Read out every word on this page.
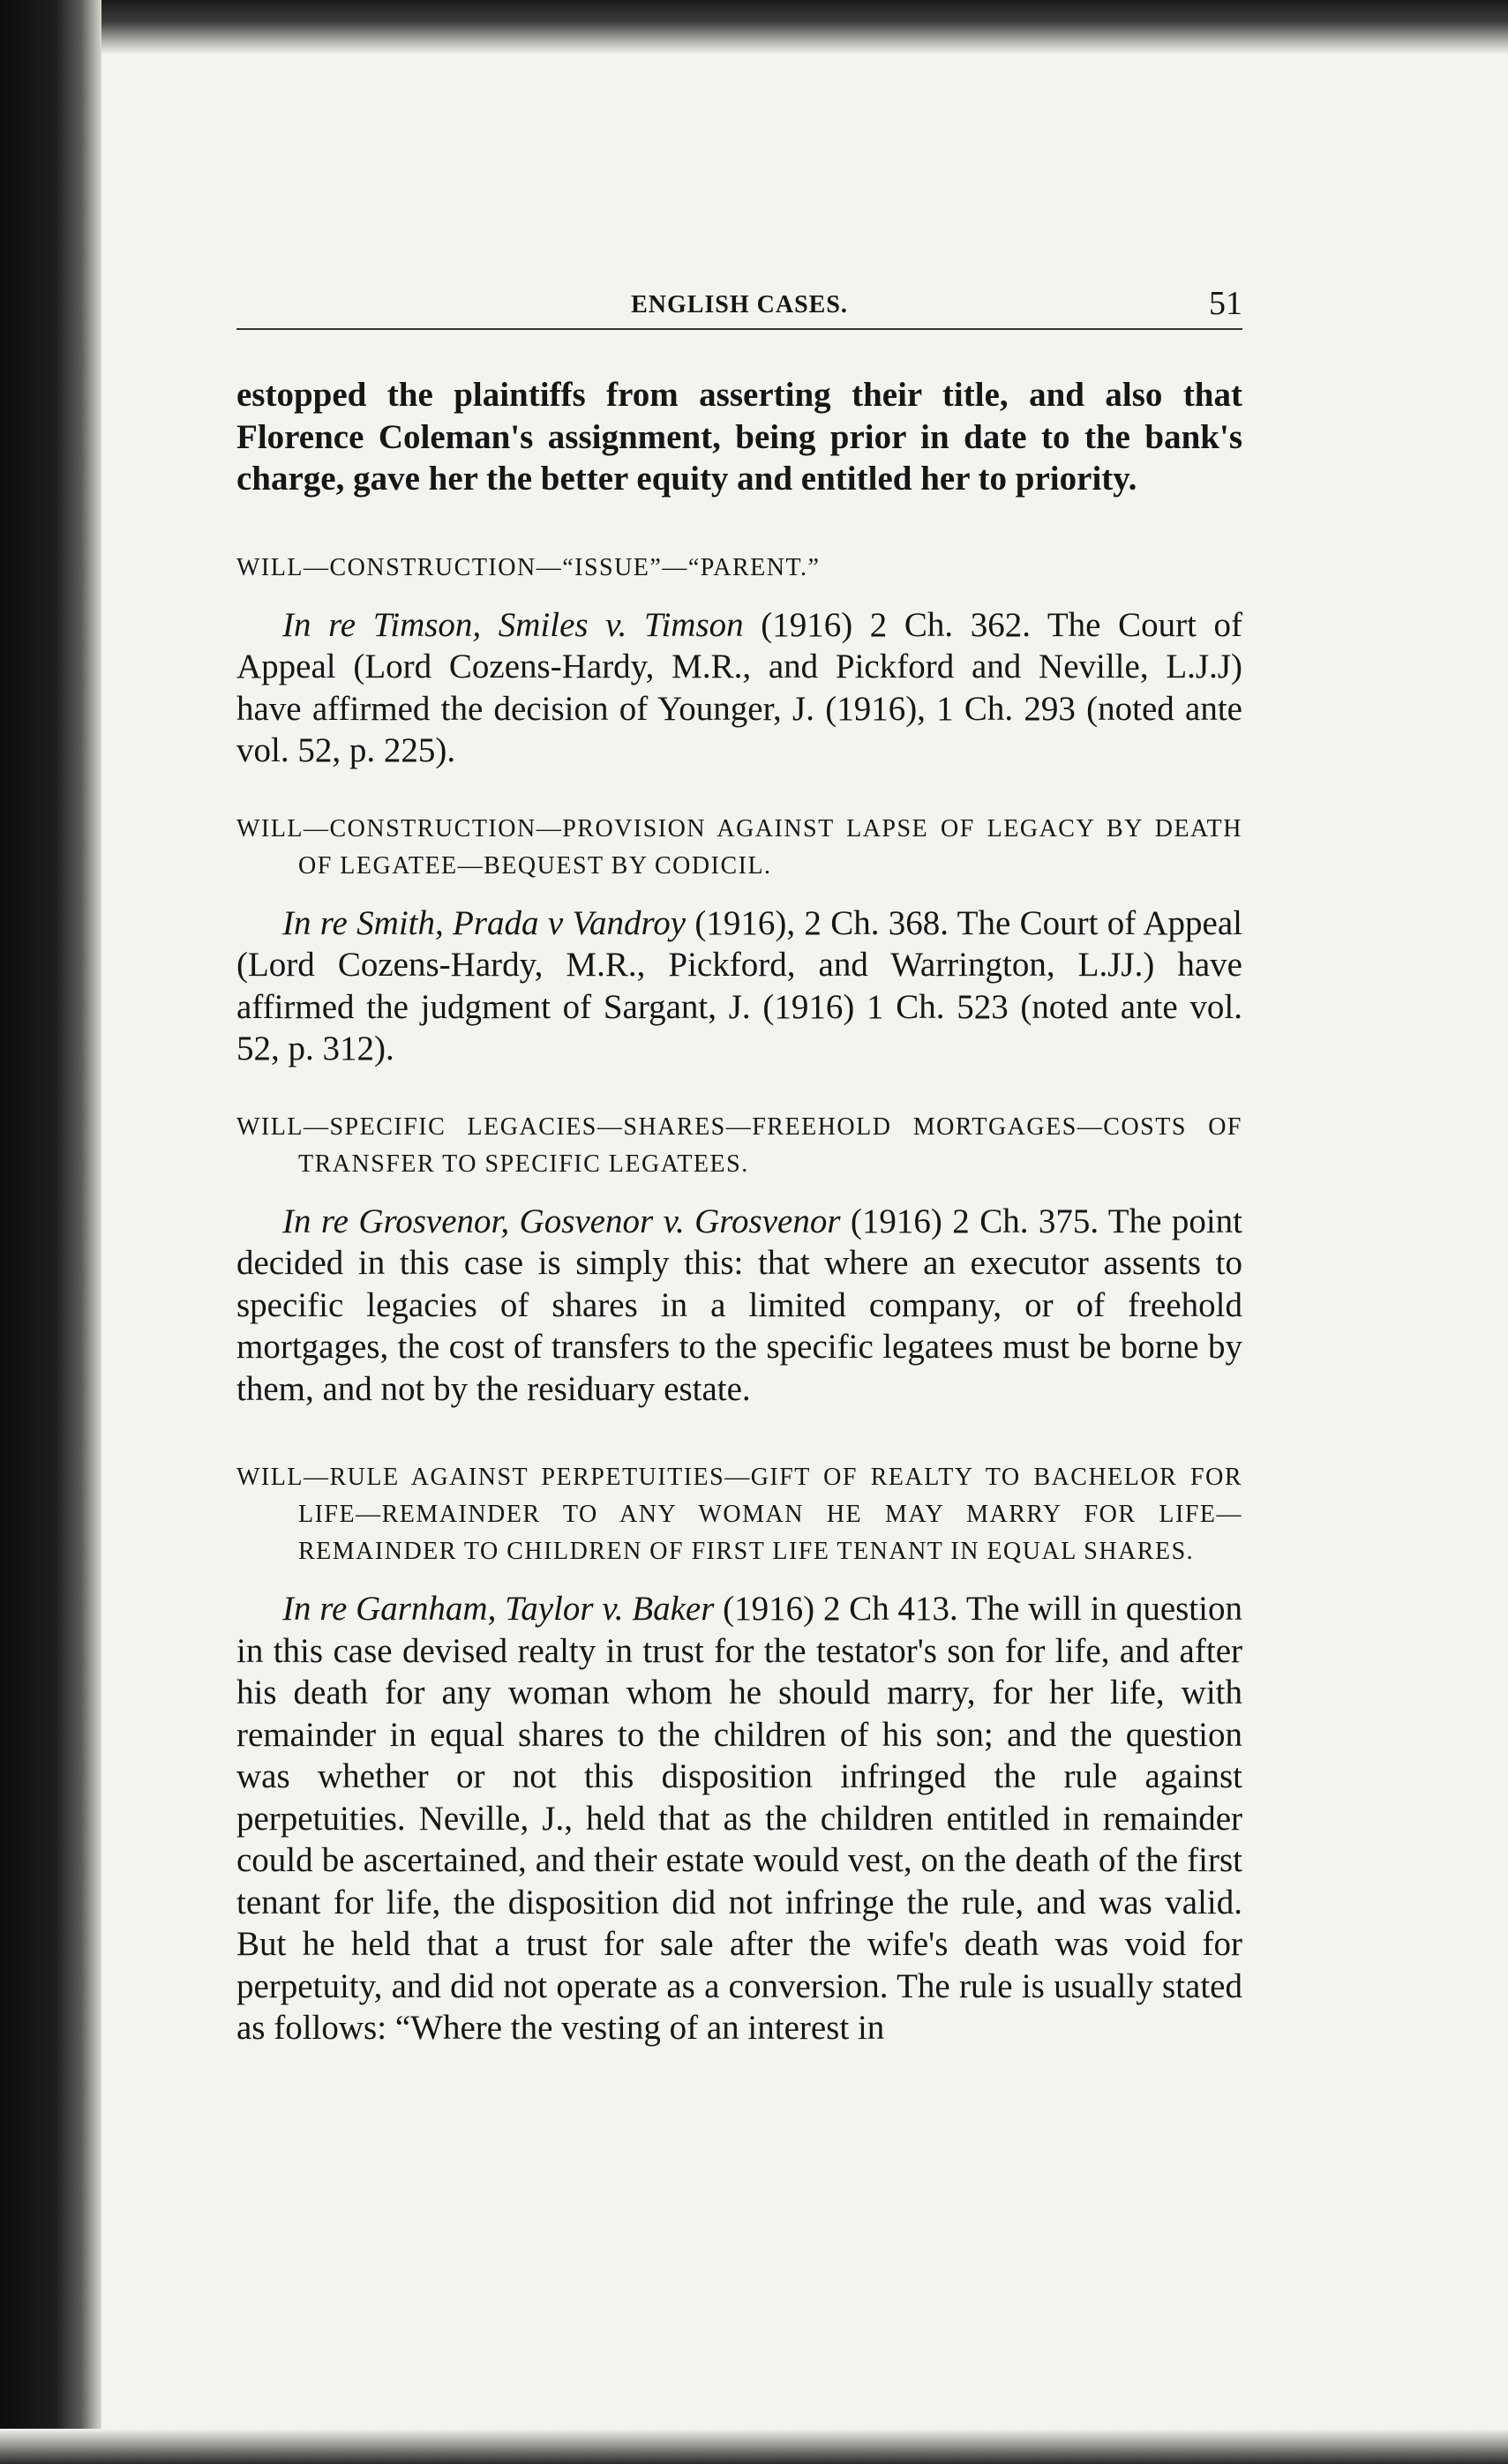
ENGLISH CASES.	51

estopped the plaintiffs from asserting their title, and also that Florence Coleman's assignment, being prior in date to the bank's charge, gave her the better equity and entitled her to priority.

WILL—CONSTRUCTION—“ISSUE”—“PARENT.”

In re Timson, Smiles v. Timson (1916) 2 Ch. 362. The Court of Appeal (Lord Cozens-Hardy, M.R., and Pickford and Neville, L.J.J) have affirmed the decision of Younger, J. (1916), 1 Ch. 293 (noted ante vol. 52, p. 225).

WILL—CONSTRUCTION—PROVISION AGAINST LAPSE OF LEGACY BY DEATH OF LEGATEE—BEQUEST BY CODICIL.

In re Smith, Prada v Vandroy (1916), 2 Ch. 368. The Court of Appeal (Lord Cozens-Hardy, M.R., Pickford, and Warrington, L.JJ.) have affirmed the judgment of Sargant, J. (1916) 1 Ch. 523 (noted ante vol. 52, p. 312).

WILL—SPECIFIC LEGACIES—SHARES—FREEHOLD MORTGAGES—COSTS OF TRANSFER TO SPECIFIC LEGATEES.

In re Grosvenor, Gosvenor v. Grosvenor (1916) 2 Ch. 375. The point decided in this case is simply this: that where an executor assents to specific legacies of shares in a limited company, or of freehold mortgages, the cost of transfers to the specific legatees must be borne by them, and not by the residuary estate.

WILL—RULE AGAINST PERPETUITIES—GIFT OF REALTY TO BACHELOR FOR LIFE—REMAINDER TO ANY WOMAN HE MAY MARRY FOR LIFE—REMAINDER TO CHILDREN OF FIRST LIFE TENANT IN EQUAL SHARES.

In re Garnham, Taylor v. Baker (1916) 2 Ch 413. The will in question in this case devised realty in trust for the testator's son for life, and after his death for any woman whom he should marry, for her life, with remainder in equal shares to the children of his son; and the question was whether or not this disposition infringed the rule against perpetuities. Neville, J., held that as the children entitled in remainder could be ascertained, and their estate would vest, on the death of the first tenant for life, the disposition did not infringe the rule, and was valid. But he held that a trust for sale after the wife's death was void for perpetuity, and did not operate as a conversion. The rule is usually stated as follows: “Where the vesting of an interest in
